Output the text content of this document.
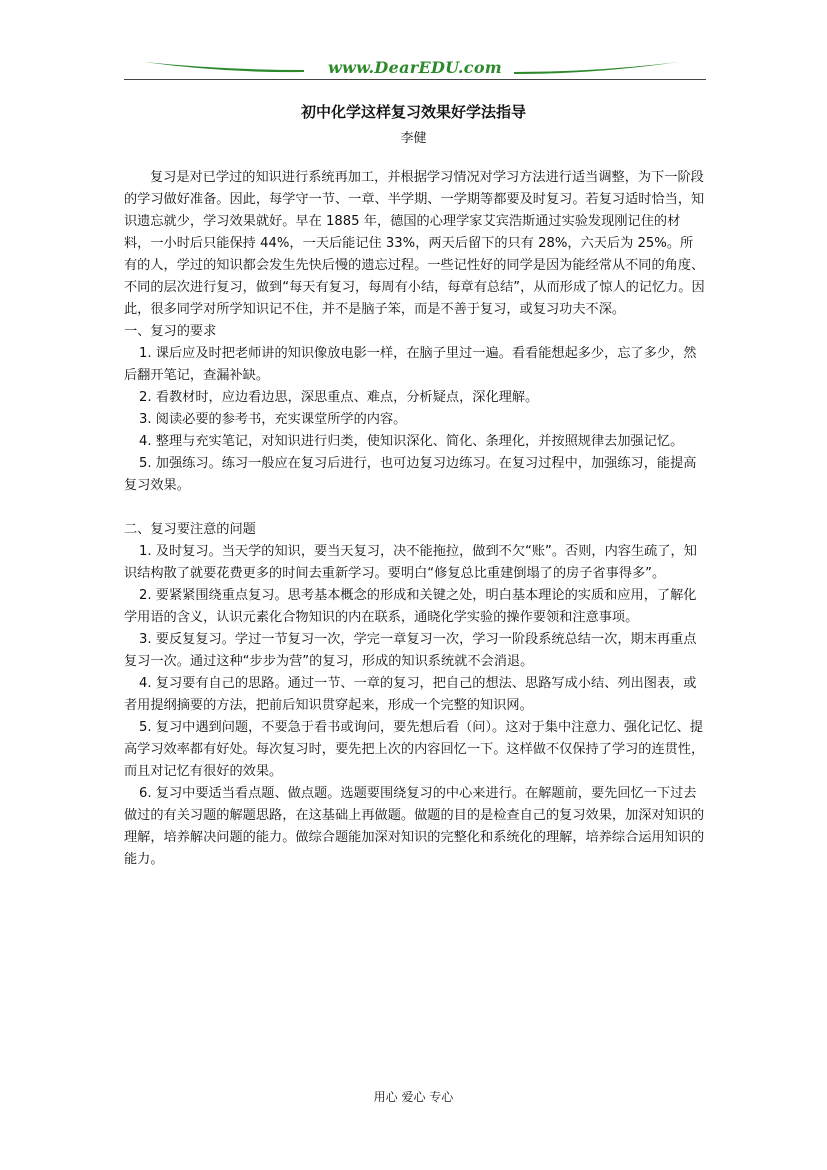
www.DearEDU.com
初中化学这样复习效果好学法指导
李健

复习是对已学过的知识进行系统再加工，并根据学习情况对学习方法进行适当调整，为下一阶段的学习做好准备。因此，每学守一节、一章、半学期、一学期等都要及时复习。若复习适时恰当，知识遗忘就少，学习效果就好。早在 1885 年，德国的心理学家艾宾浩斯通过实验发现刚记住的材料，一小时后只能保持 44%，一天后能记住 33%，两天后留下的只有 28%，六天后为 25%。所有的人，学过的知识都会发生先快后慢的遗忘过程。一些记性好的同学是因为能经常从不同的角度、不同的层次进行复习，做到“每天有复习，每周有小结，每章有总结”，从而形成了惊人的记忆力。因此，很多同学对所学知识记不住，并不是脑子笨，而是不善于复习，或复习功夫不深。

一、复习的要求

1. 课后应及时把老师讲的知识像放电影一样，在脑子里过一遍。看看能想起多少，忘了多少，然后翻开笔记，查漏补缺。

2. 看教材时，应边看边思，深思重点、难点，分析疑点，深化理解。

3. 阅读必要的参考书，充实课堂所学的内容。

4. 整理与充实笔记，对知识进行归类，使知识深化、简化、条理化，并按照规律去加强记忆。

5. 加强练习。练习一般应在复习后进行，也可边复习边练习。在复习过程中，加强练习，能提高复习效果。

二、复习要注意的问题

1. 及时复习。当天学的知识，要当天复习，决不能拖拉，做到不欠“账”。否则，内容生疏了，知识结构散了就要花费更多的时间去重新学习。要明白“修复总比重建倒塌了的房子省事得多”。

2. 要紧紧围绕重点复习。思考基本概念的形成和关键之处，明白基本理论的实质和应用，了解化学用语的含义，认识元素化合物知识的内在联系，通晓化学实验的操作要领和注意事项。

3. 要反复复习。学过一节复习一次，学完一章复习一次，学习一阶段系统总结一次，期末再重点复习一次。通过这种“步步为营”的复习，形成的知识系统就不会消退。

4. 复习要有自己的思路。通过一节、一章的复习，把自己的想法、思路写成小结、列出图表，或者用提纲摘要的方法，把前后知识贯穿起来，形成一个完整的知识网。

5. 复习中遇到问题，不要急于看书或询问，要先想后看（问）。这对于集中注意力、强化记忆、提高学习效率都有好处。每次复习时，要先把上次的内容回忆一下。这样做不仅保持了学习的连贯性，而且对记忆有很好的效果。

6. 复习中要适当看点题、做点题。选题要围绕复习的中心来进行。在解题前，要先回忆一下过去做过的有关习题的解题思路，在这基础上再做题。做题的目的是检查自己的复习效果，加深对知识的理解，培养解决问题的能力。做综合题能加深对知识的完整化和系统化的理解，培养综合运用知识的能力。

用心 爱心 专心
